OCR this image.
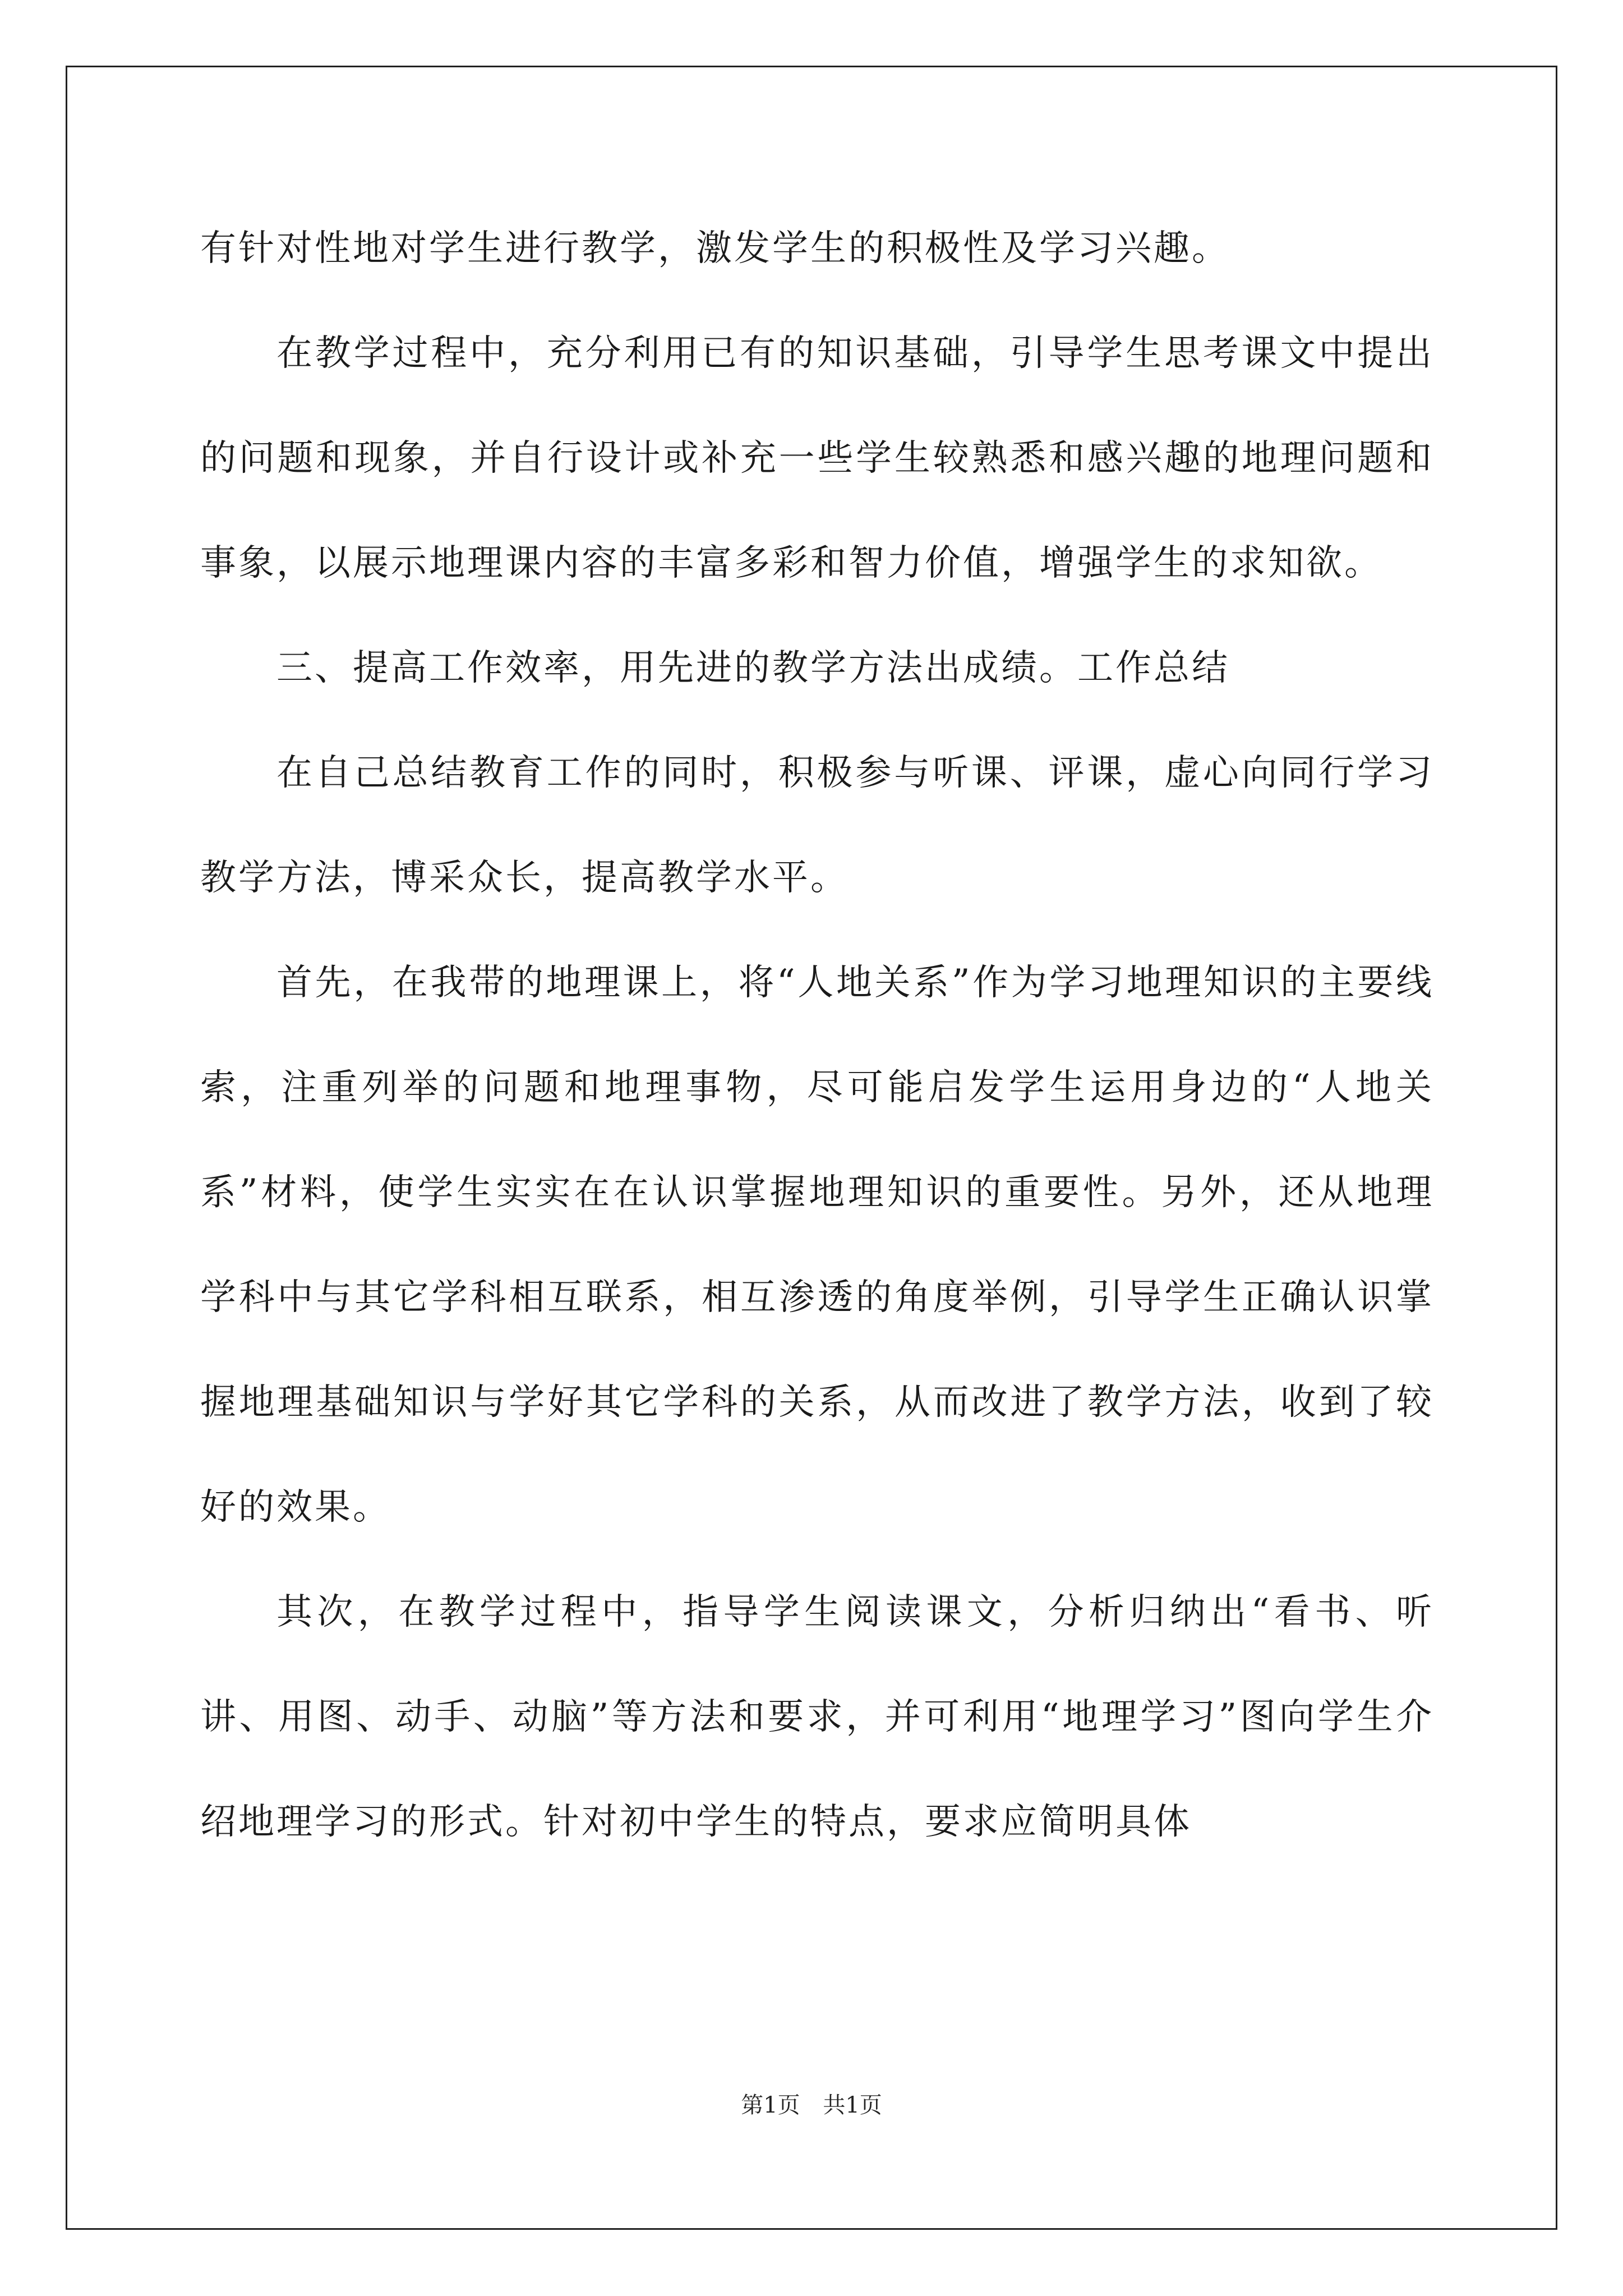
有针对性地对学生进行教学，激发学生的积极性及学习兴趣。

在教学过程中，充分利用已有的知识基础，引导学生思考课文中提出的问题和现象，并自行设计或补充一些学生较熟悉和感兴趣的地理问题和事象，以展示地理课内容的丰富多彩和智力价值，增强学生的求知欲。

三、提高工作效率，用先进的教学方法出成绩。工作总结

在自己总结教育工作的同时，积极参与听课、评课，虚心向同行学习教学方法，博采众长，提高教学水平。

首先，在我带的地理课上，将“人地关系”作为学习地理知识的主要线索，注重列举的问题和地理事物，尽可能启发学生运用身边的“人地关系”材料，使学生实实在在认识掌握地理知识的重要性。另外，还从地理学科中与其它学科相互联系，相互渗透的角度举例，引导学生正确认识掌握地理基础知识与学好其它学科的关系，从而改进了教学方法，收到了较好的效果。

其次，在教学过程中，指导学生阅读课文，分析归纳出“看书、听讲、用图、动手、动脑”等方法和要求，并可利用“地理学习”图向学生介绍地理学习的形式。针对初中学生的特点，要求应简明具体

第1页 共1页
